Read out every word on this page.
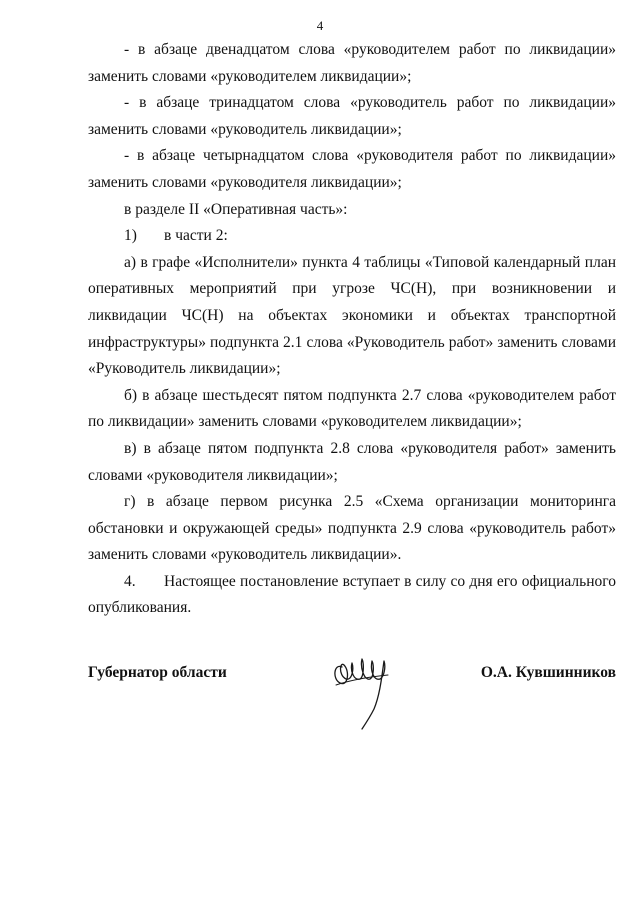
4

- в абзаце двенадцатом слова «руководителем работ по ликвидации» заменить словами «руководителем ликвидации»;

- в абзаце тринадцатом слова «руководитель работ по ликвидации» заменить словами «руководитель ликвидации»;

- в абзаце четырнадцатом слова «руководителя работ по ликвидации» заменить словами «руководителя ликвидации»;

в разделе II «Оперативная часть»:

1) в части 2:

а) в графе «Исполнители» пункта 4 таблицы «Типовой календарный план оперативных мероприятий при угрозе ЧС(Н), при возникновении и ликвидации ЧС(Н) на объектах экономики и объектах транспортной инфраструктуры» подпункта 2.1 слова «Руководитель работ» заменить словами «Руководитель ликвидации»;

б) в абзаце шестьдесят пятом подпункта 2.7 слова «руководителем работ по ликвидации» заменить словами «руководителем ликвидации»;

в) в абзаце пятом подпункта 2.8 слова «руководителя работ» заменить словами «руководителя ликвидации»;

г) в абзаце первом рисунка 2.5 «Схема организации мониторинга обстановки и окружающей среды» подпункта 2.9 слова «руководитель работ» заменить словами «руководитель ликвидации».

4. Настоящее постановление вступает в силу со дня его официального опубликования.

Губернатор области	О.А. Кувшинников
